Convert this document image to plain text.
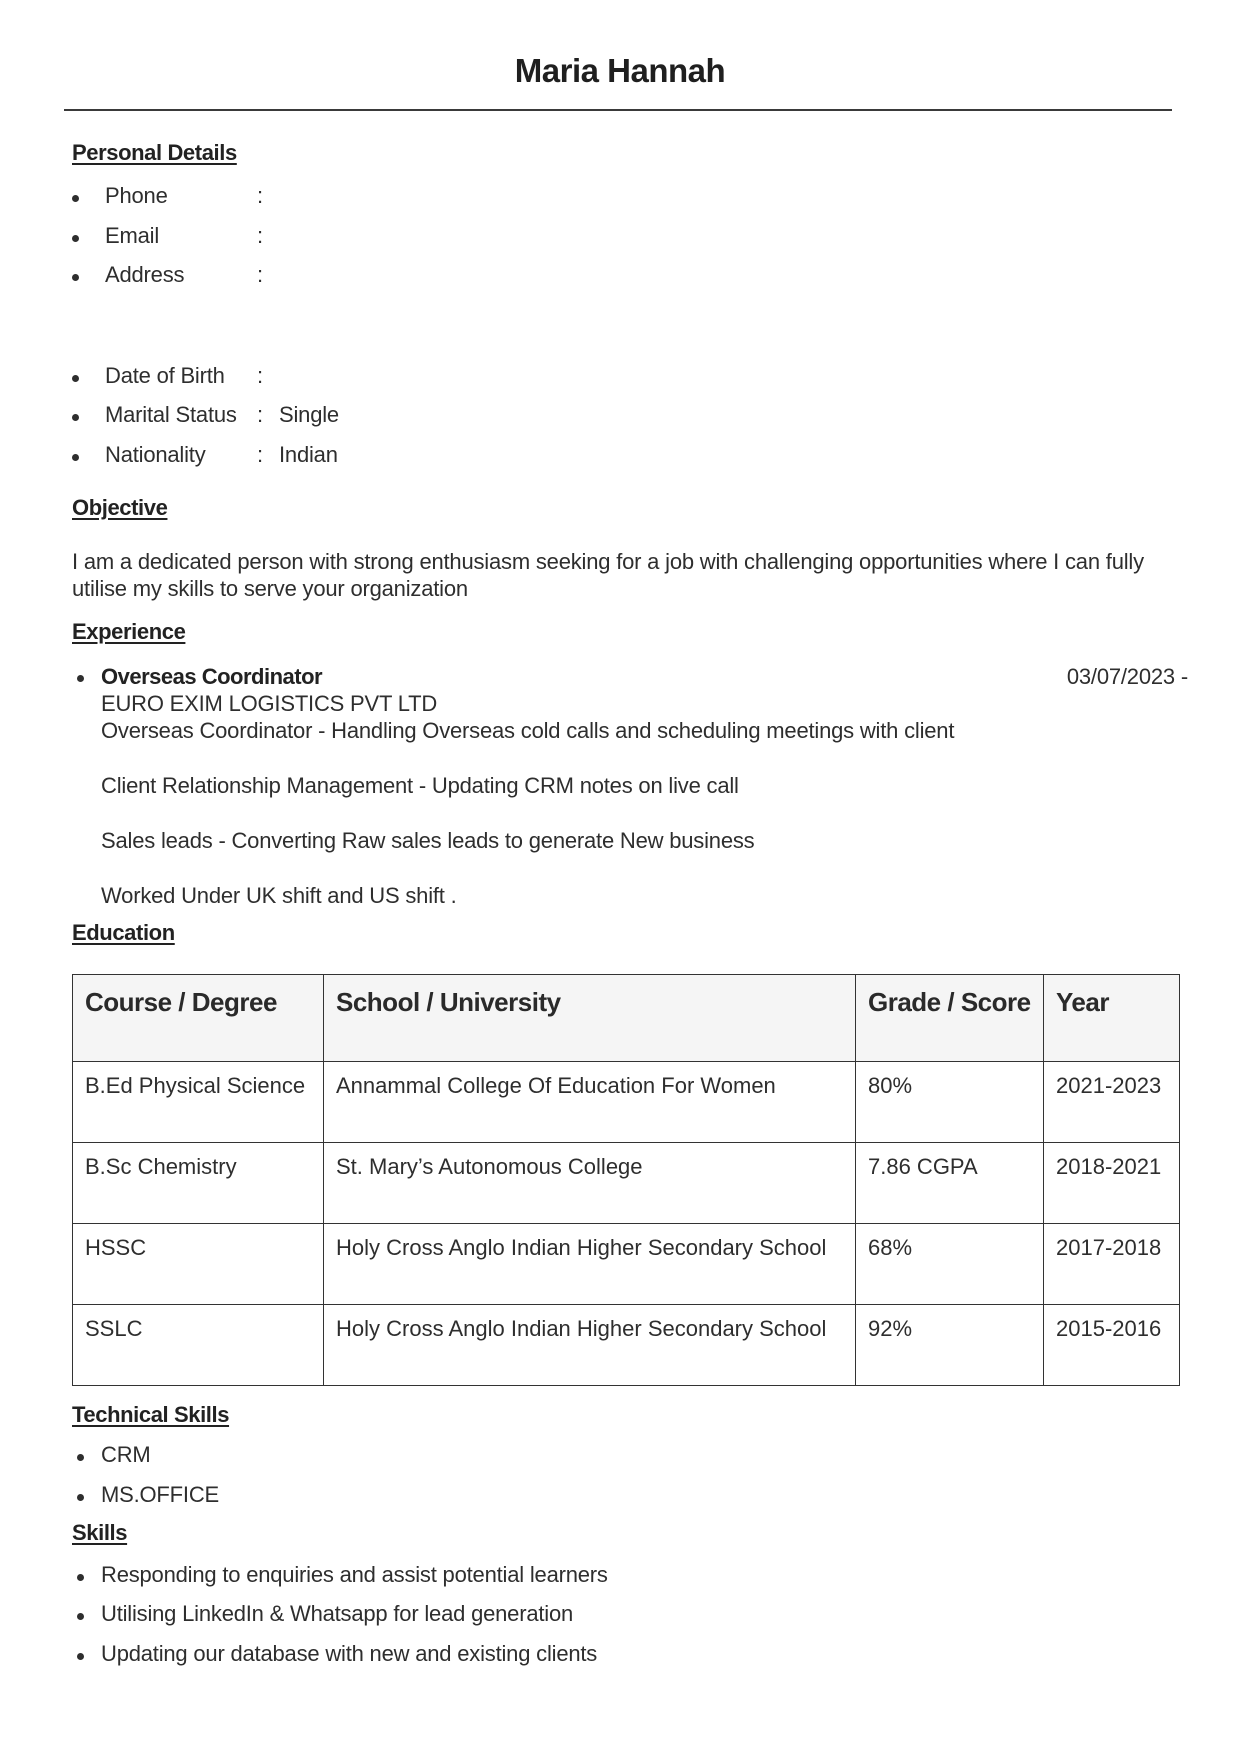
Maria Hannah
Personal Details
Phone	:
Email	:
Address	:
Date of Birth :
Marital Status : Single
Nationality : Indian
Objective
I am a dedicated person with strong enthusiasm seeking for a job with challenging opportunities where I can fully utilise my skills to serve your organization
Experience
Overseas Coordinator	03/07/2023 -
EURO EXIM LOGISTICS PVT LTD
Overseas Coordinator - Handling Overseas cold calls and scheduling meetings with client
Client Relationship Management - Updating CRM notes on live call
Sales leads - Converting Raw sales leads to generate New business
Worked Under UK shift and US shift .
Education
Course / Degree	School / University	Grade / Score	Year
B.Ed Physical Science	Annammal College Of Education For Women	80%	2021-2023
B.Sc Chemistry	St. Mary’s Autonomous College	7.86 CGPA	2018-2021
HSSC	Holy Cross Anglo Indian Higher Secondary School	68%	2017-2018
SSLC	Holy Cross Anglo Indian Higher Secondary School	92%	2015-2016
Technical Skills
CRM
MS.OFFICE
Skills
Responding to enquiries and assist potential learners
Utilising LinkedIn & Whatsapp for lead generation
Updating our database with new and existing clients
